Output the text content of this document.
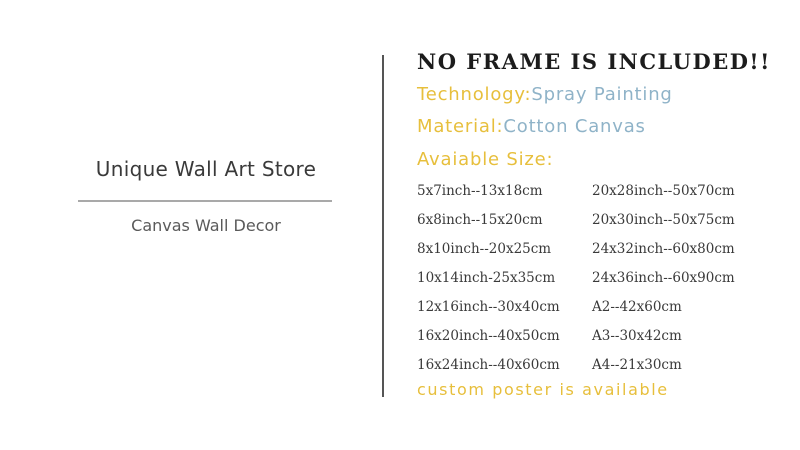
Unique Wall Art Store
Canvas Wall Decor
NO FRAME IS INCLUDED!!
Technology:Spray Painting
Material:Cotton Canvas
Avaiable Size:
5x7inch--13x18cm
6x8inch--15x20cm
8x10inch--20x25cm
10x14inch-25x35cm
12x16inch--30x40cm
16x20inch--40x50cm
16x24inch--40x60cm
20x28inch--50x70cm
20x30inch--50x75cm
24x32inch--60x80cm
24x36inch--60x90cm
A2--42x60cm
A3--30x42cm
A4--21x30cm
custom poster is available
